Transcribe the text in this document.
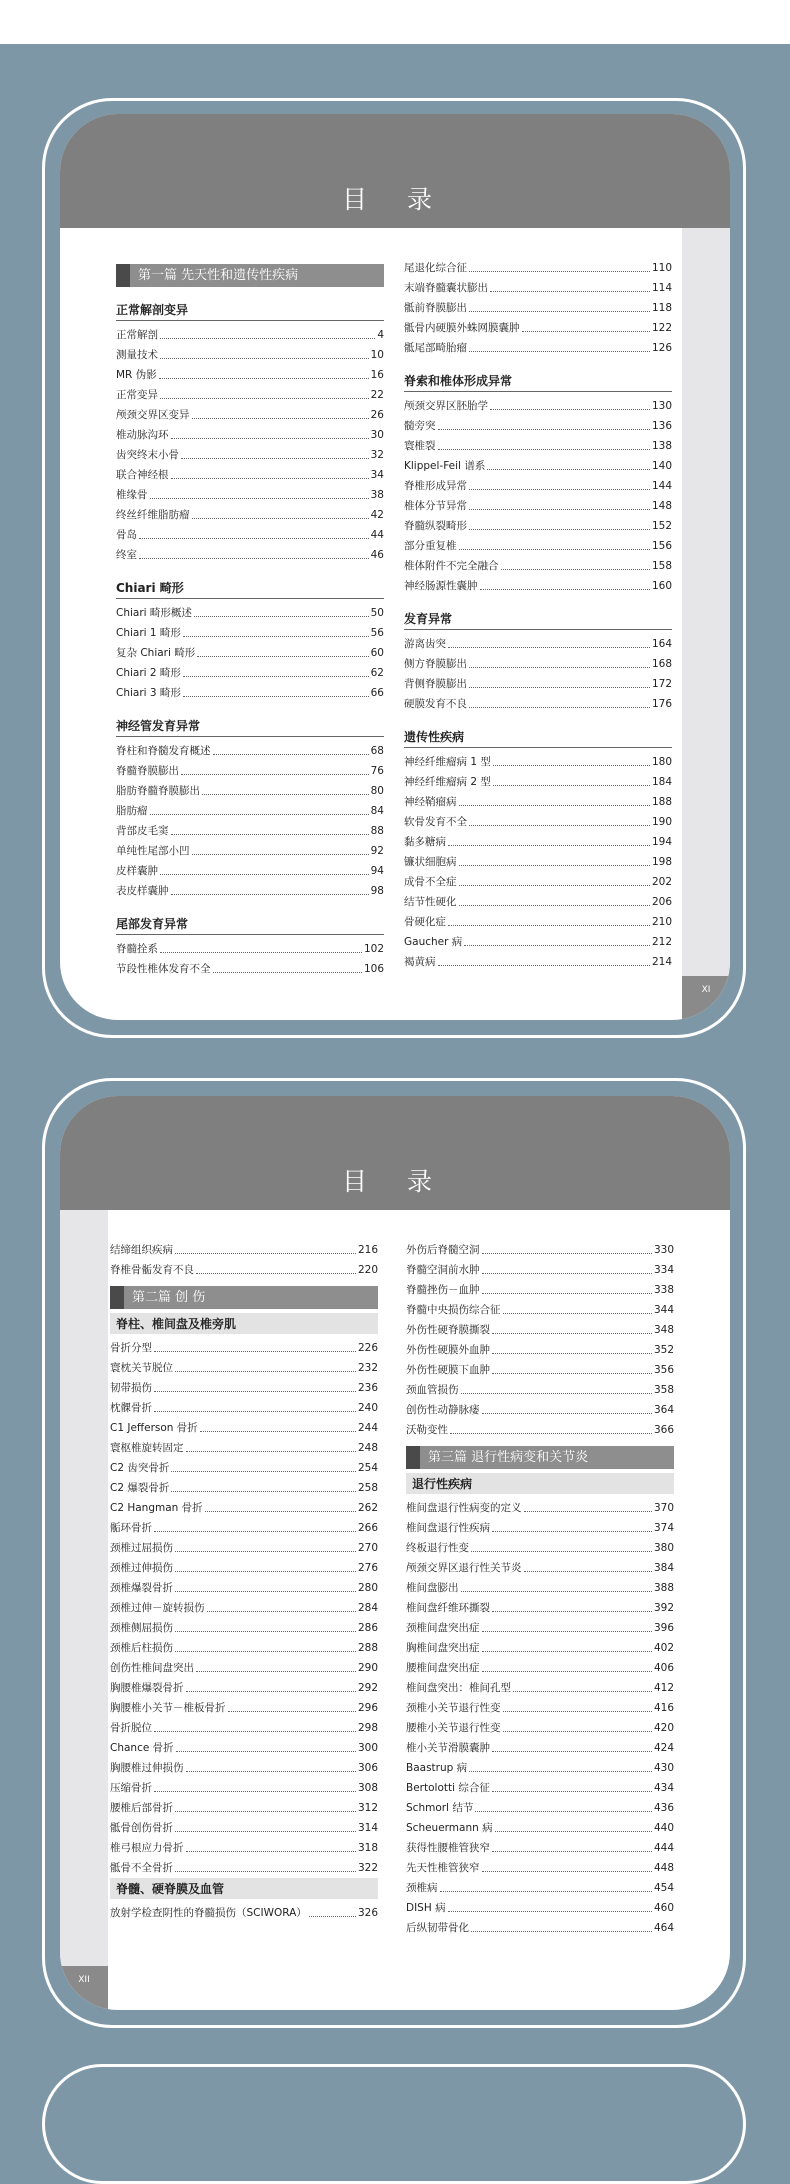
目 录
XI
第一篇 先天性和遗传性疾病
正常解剖变异
正常解剖	4
测量技术	10
MR 伪影	16
正常变异	22
颅颈交界区变异	26
椎动脉沟环	30
齿突终末小骨	32
联合神经根	34
椎缘骨	38
终丝纤维脂肪瘤	42
骨岛	44
终室	46
Chiari 畸形
Chiari 畸形概述	50
Chiari 1 畸形	56
复杂 Chiari 畸形	60
Chiari 2 畸形	62
Chiari 3 畸形	66
神经管发育异常
脊柱和脊髓发育概述	68
脊髓脊膜膨出	76
脂肪脊髓脊膜膨出	80
脂肪瘤	84
背部皮毛窦	88
单纯性尾部小凹	92
皮样囊肿	94
表皮样囊肿	98
尾部发育异常
脊髓拴系	102
节段性椎体发育不全	106
尾退化综合征	110
末端脊髓囊状膨出	114
骶前脊膜膨出	118
骶骨内硬膜外蛛网膜囊肿	122
骶尾部畸胎瘤	126
脊索和椎体形成异常
颅颈交界区胚胎学	130
髓旁突	136
寰椎裂	138
Klippel-Feil 谱系	140
脊椎形成异常	144
椎体分节异常	148
脊髓纵裂畸形	152
部分重复椎	156
椎体附件不完全融合	158
神经肠源性囊肿	160
发育异常
游离齿突	164
侧方脊膜膨出	168
背侧脊膜膨出	172
硬膜发育不良	176
遗传性疾病
神经纤维瘤病 1 型	180
神经纤维瘤病 2 型	184
神经鞘瘤病	188
软骨发育不全	190
黏多糖病	194
镰状细胞病	198
成骨不全症	202
结节性硬化	206
骨硬化症	210
Gaucher 病	212
褐黄病	214
目 录
XII
结缔组织疾病	216
脊椎骨骺发育不良	220
第二篇 创 伤
脊柱、椎间盘及椎旁肌
骨折分型	226
寰枕关节脱位	232
韧带损伤	236
枕髁骨折	240
C1 Jefferson 骨折	244
寰枢椎旋转固定	248
C2 齿突骨折	254
C2 爆裂骨折	258
C2 Hangman 骨折	262
骺环骨折	266
颈椎过屈损伤	270
颈椎过伸损伤	276
颈椎爆裂骨折	280
颈椎过伸－旋转损伤	284
颈椎侧屈损伤	286
颈椎后柱损伤	288
创伤性椎间盘突出	290
胸腰椎爆裂骨折	292
胸腰椎小关节－椎板骨折	296
骨折脱位	298
Chance 骨折	300
胸腰椎过伸损伤	306
压缩骨折	308
腰椎后部骨折	312
骶骨创伤骨折	314
椎弓根应力骨折	318
骶骨不全骨折	322
脊髓、硬脊膜及血管
放射学检查阴性的脊髓损伤（SCIWORA）	326
外伤后脊髓空洞	330
脊髓空洞前水肿	334
脊髓挫伤－血肿	338
脊髓中央损伤综合征	344
外伤性硬脊膜撕裂	348
外伤性硬膜外血肿	352
外伤性硬膜下血肿	356
颈血管损伤	358
创伤性动静脉瘘	364
沃勒变性	366
第三篇 退行性病变和关节炎
退行性疾病
椎间盘退行性病变的定义	370
椎间盘退行性疾病	374
终板退行性变	380
颅颈交界区退行性关节炎	384
椎间盘膨出	388
椎间盘纤维环撕裂	392
颈椎间盘突出症	396
胸椎间盘突出症	402
腰椎间盘突出症	406
椎间盘突出：椎间孔型	412
颈椎小关节退行性变	416
腰椎小关节退行性变	420
椎小关节滑膜囊肿	424
Baastrup 病	430
Bertolotti 综合征	434
Schmorl 结节	436
Scheuermann 病	440
获得性腰椎管狭窄	444
先天性椎管狭窄	448
颈椎病	454
DISH 病	460
后纵韧带骨化	464
